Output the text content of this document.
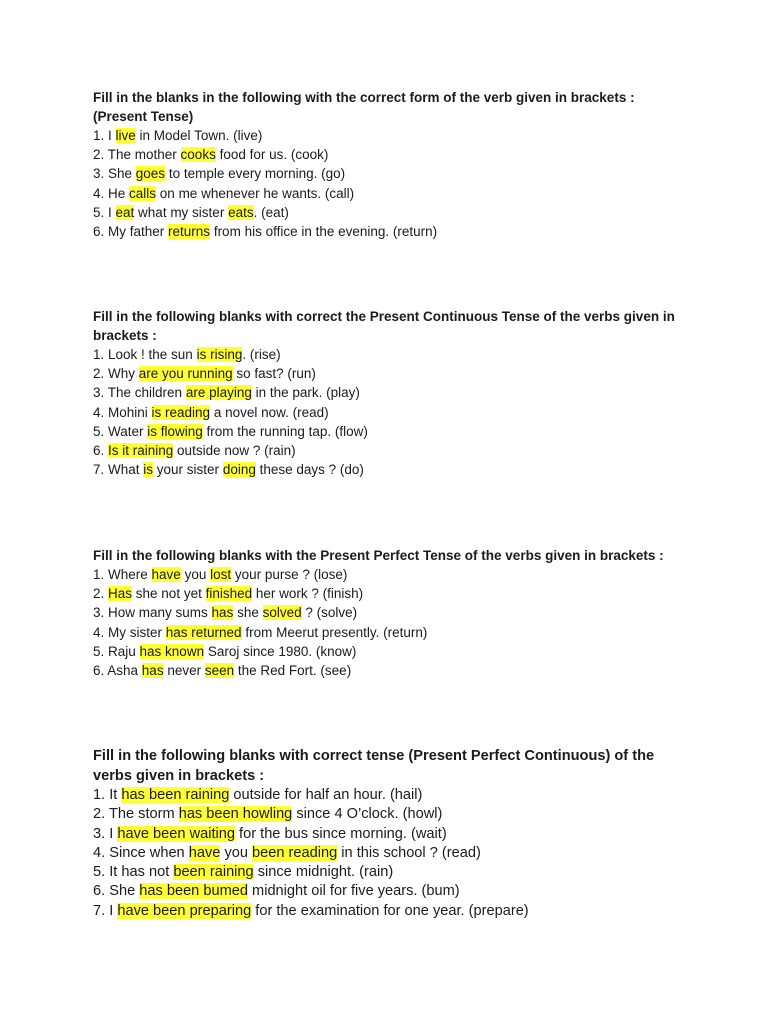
Fill in the blanks in the following with the correct form of the verb given in brackets : (Present Tense)

1. I live in Model Town. (live)
2. The mother cooks food for us. (cook)
3. She goes to temple every morning. (go)
4. He calls on me whenever he wants. (call)
5. I eat what my sister eats. (eat)
6. My father returns from his office in the evening. (return)

Fill in the following blanks with correct the Present Continuous Tense of the verbs given in brackets :

1. Look ! the sun is rising. (rise)
2. Why are you running so fast? (run)
3. The children are playing in the park. (play)
4. Mohini is reading a novel now. (read)
5. Water is flowing from the running tap. (flow)
6. Is it raining outside now ? (rain)
7. What is your sister doing these days ? (do)

Fill in the following blanks with the Present Perfect Tense of the verbs given in brackets :

1. Where have you lost your purse ? (lose)
2. Has she not yet finished her work ? (finish)
3. How many sums has she solved ? (solve)
4. My sister has returned from Meerut presently. (return)
5. Raju has known Saroj since 1980. (know)
6. Asha has never seen the Red Fort. (see)

Fill in the following blanks with correct tense (Present Perfect Continuous) of the verbs given in brackets :

1. It has been raining outside for half an hour. (hail)
2. The storm has been howling since 4 O’clock. (howl)
3. I have been waiting for the bus since morning. (wait)
4. Since when have you been reading in this school ? (read)
5. It has not been raining since midnight. (rain)
6. She has been bumed midnight oil for five years. (bum)
7. I have been preparing for the examination for one year. (prepare)
